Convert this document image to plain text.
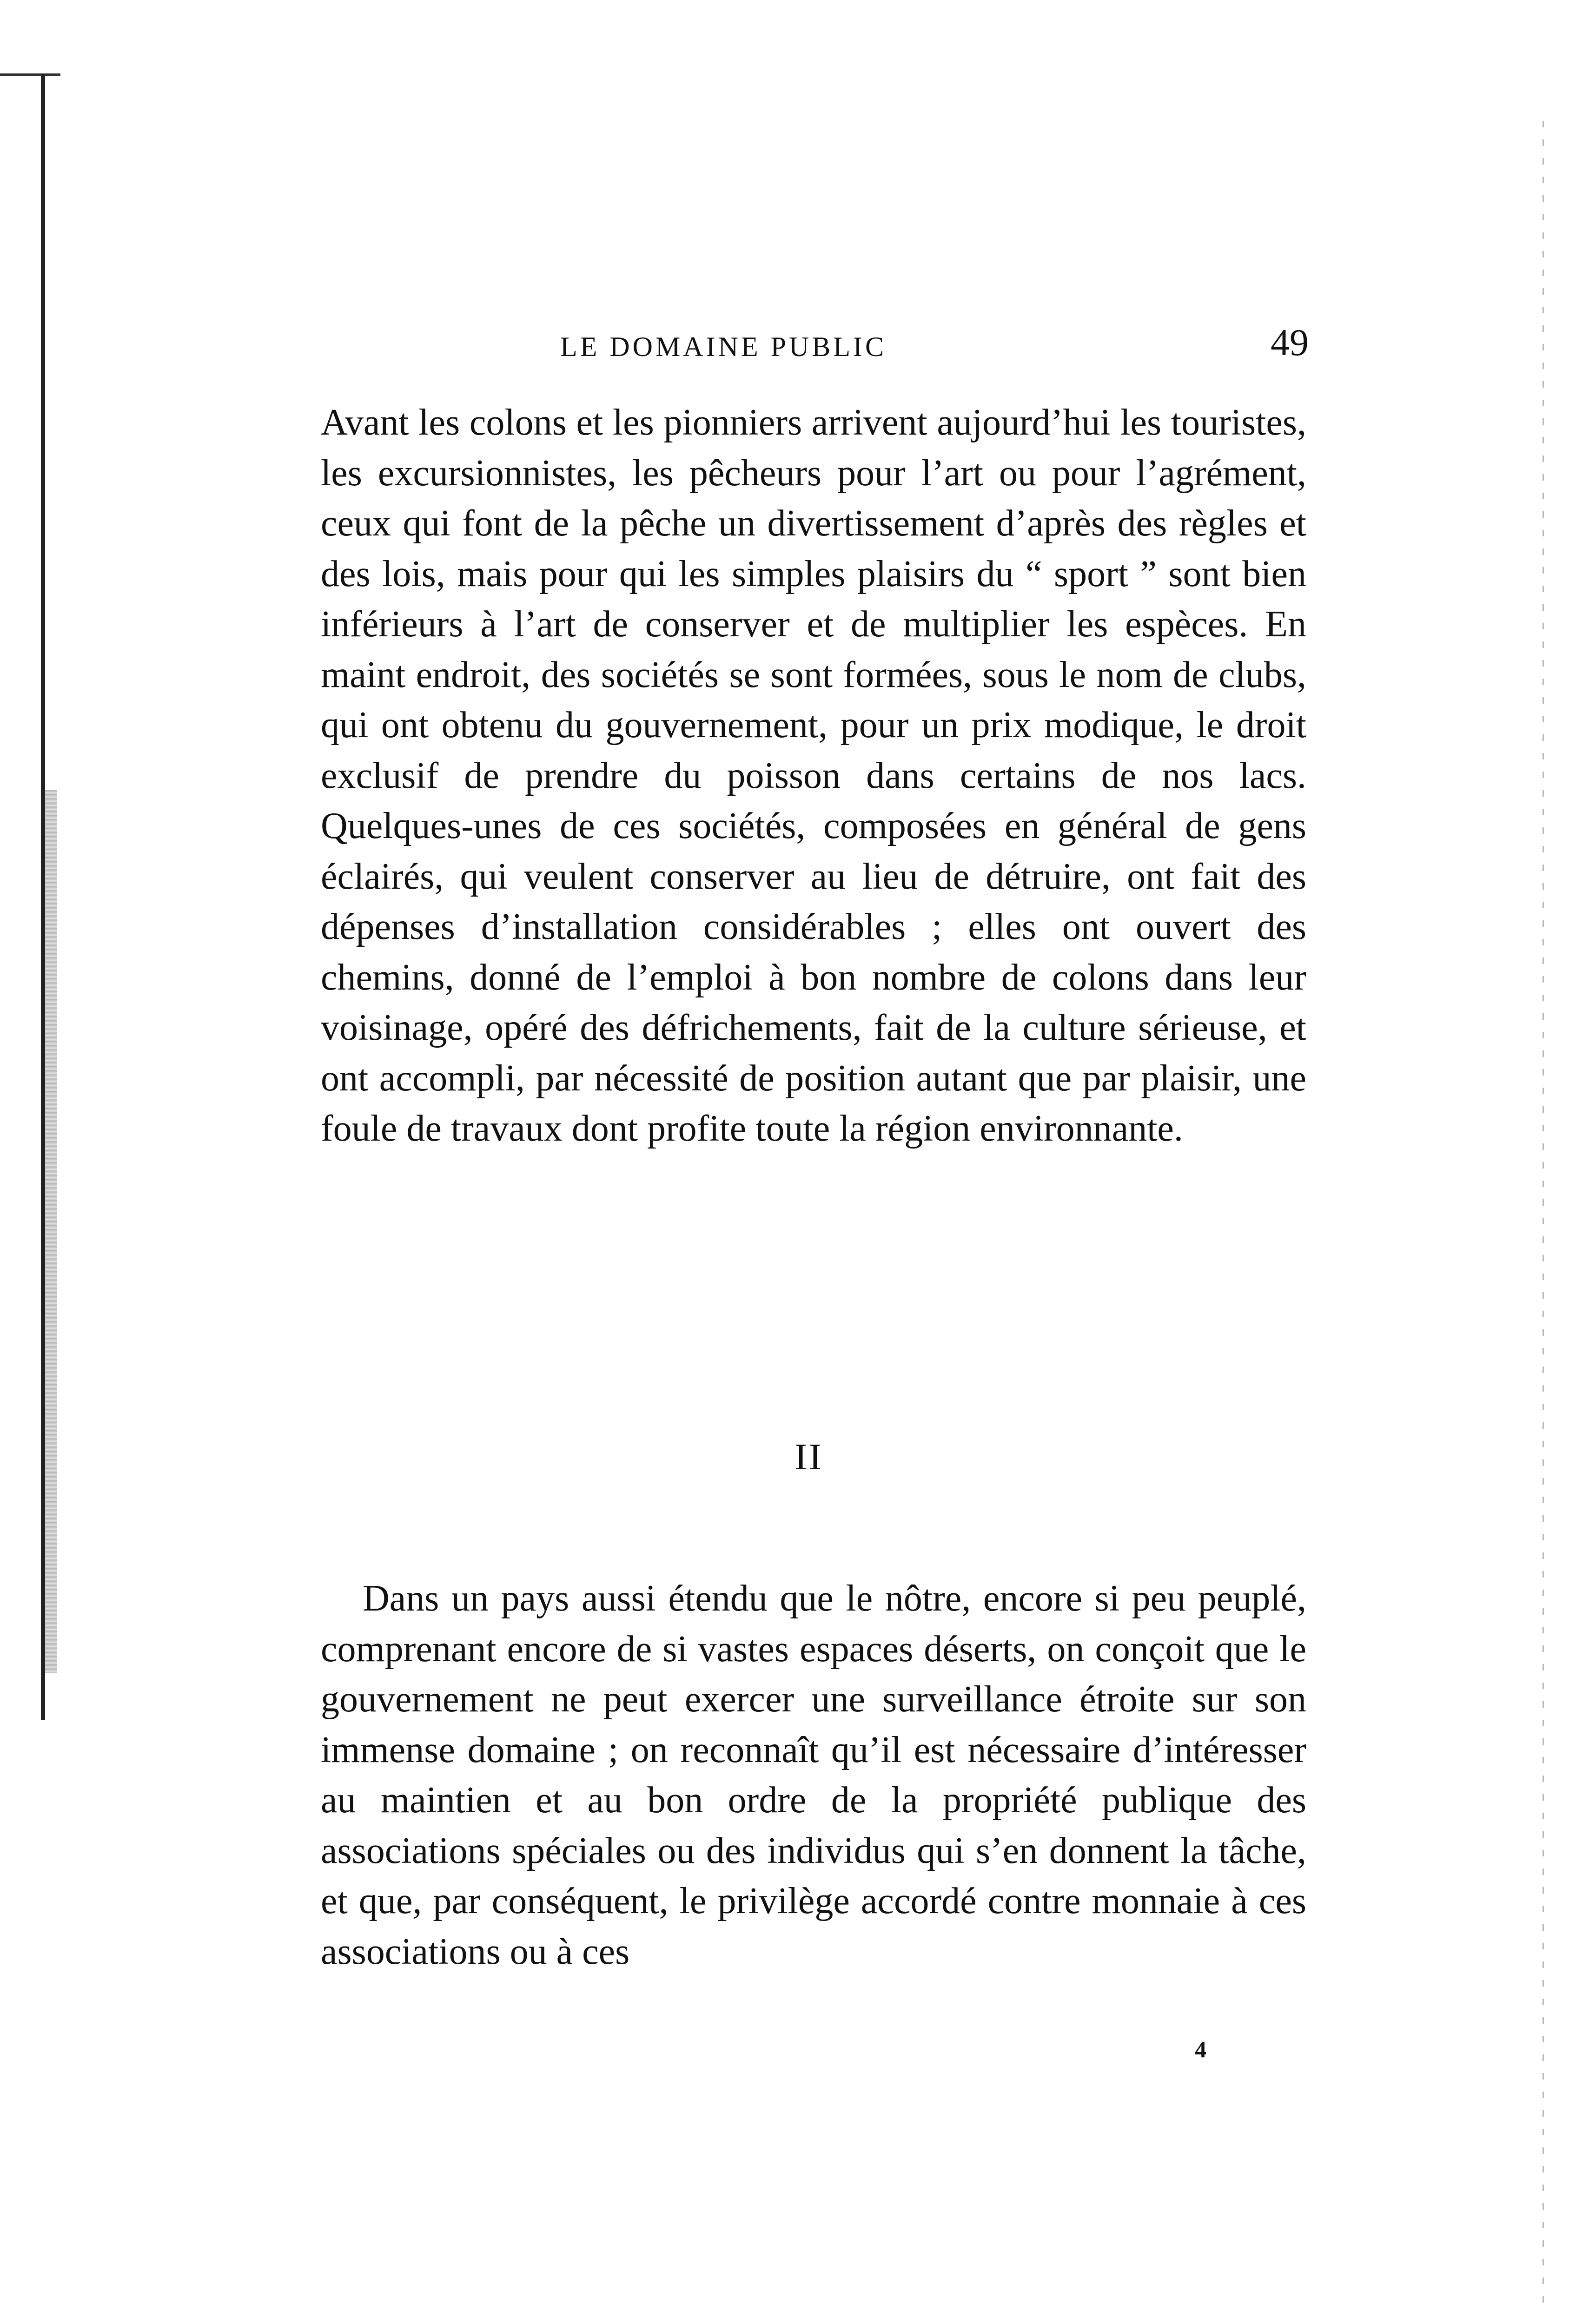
LE DOMAINE PUBLIC	49

Avant les colons et les pionniers arrivent aujourd’hui les touristes, les excursionnistes, les pêcheurs pour l’art ou pour l’agrément, ceux qui font de la pêche un divertissement d’après des règles et des lois, mais pour qui les simples plaisirs du “ sport ” sont bien inférieurs à l’art de conserver et de multiplier les espèces. En maint endroit, des sociétés se sont formées, sous le nom de clubs, qui ont obtenu du gouvernement, pour un prix modique, le droit exclusif de prendre du poisson dans certains de nos lacs. Quelques-unes de ces sociétés, composées en général de gens éclairés, qui veulent conserver au lieu de détruire, ont fait des dépenses d’installation considérables ; elles ont ouvert des chemins, donné de l’emploi à bon nombre de colons dans leur voisinage, opéré des défrichements, fait de la culture sérieuse, et ont accompli, par nécessité de position autant que par plaisir, une foule de travaux dont profite toute la région environnante.

II

Dans un pays aussi étendu que le nôtre, encore si peu peuplé, comprenant encore de si vastes espaces déserts, on conçoit que le gouvernement ne peut exercer une surveillance étroite sur son immense domaine ; on reconnaît qu’il est nécessaire d’intéresser au maintien et au bon ordre de la propriété publique des associations spéciales ou des individus qui s’en donnent la tâche, et que, par conséquent, le privilège accordé contre monnaie à ces associations ou à ces

4
